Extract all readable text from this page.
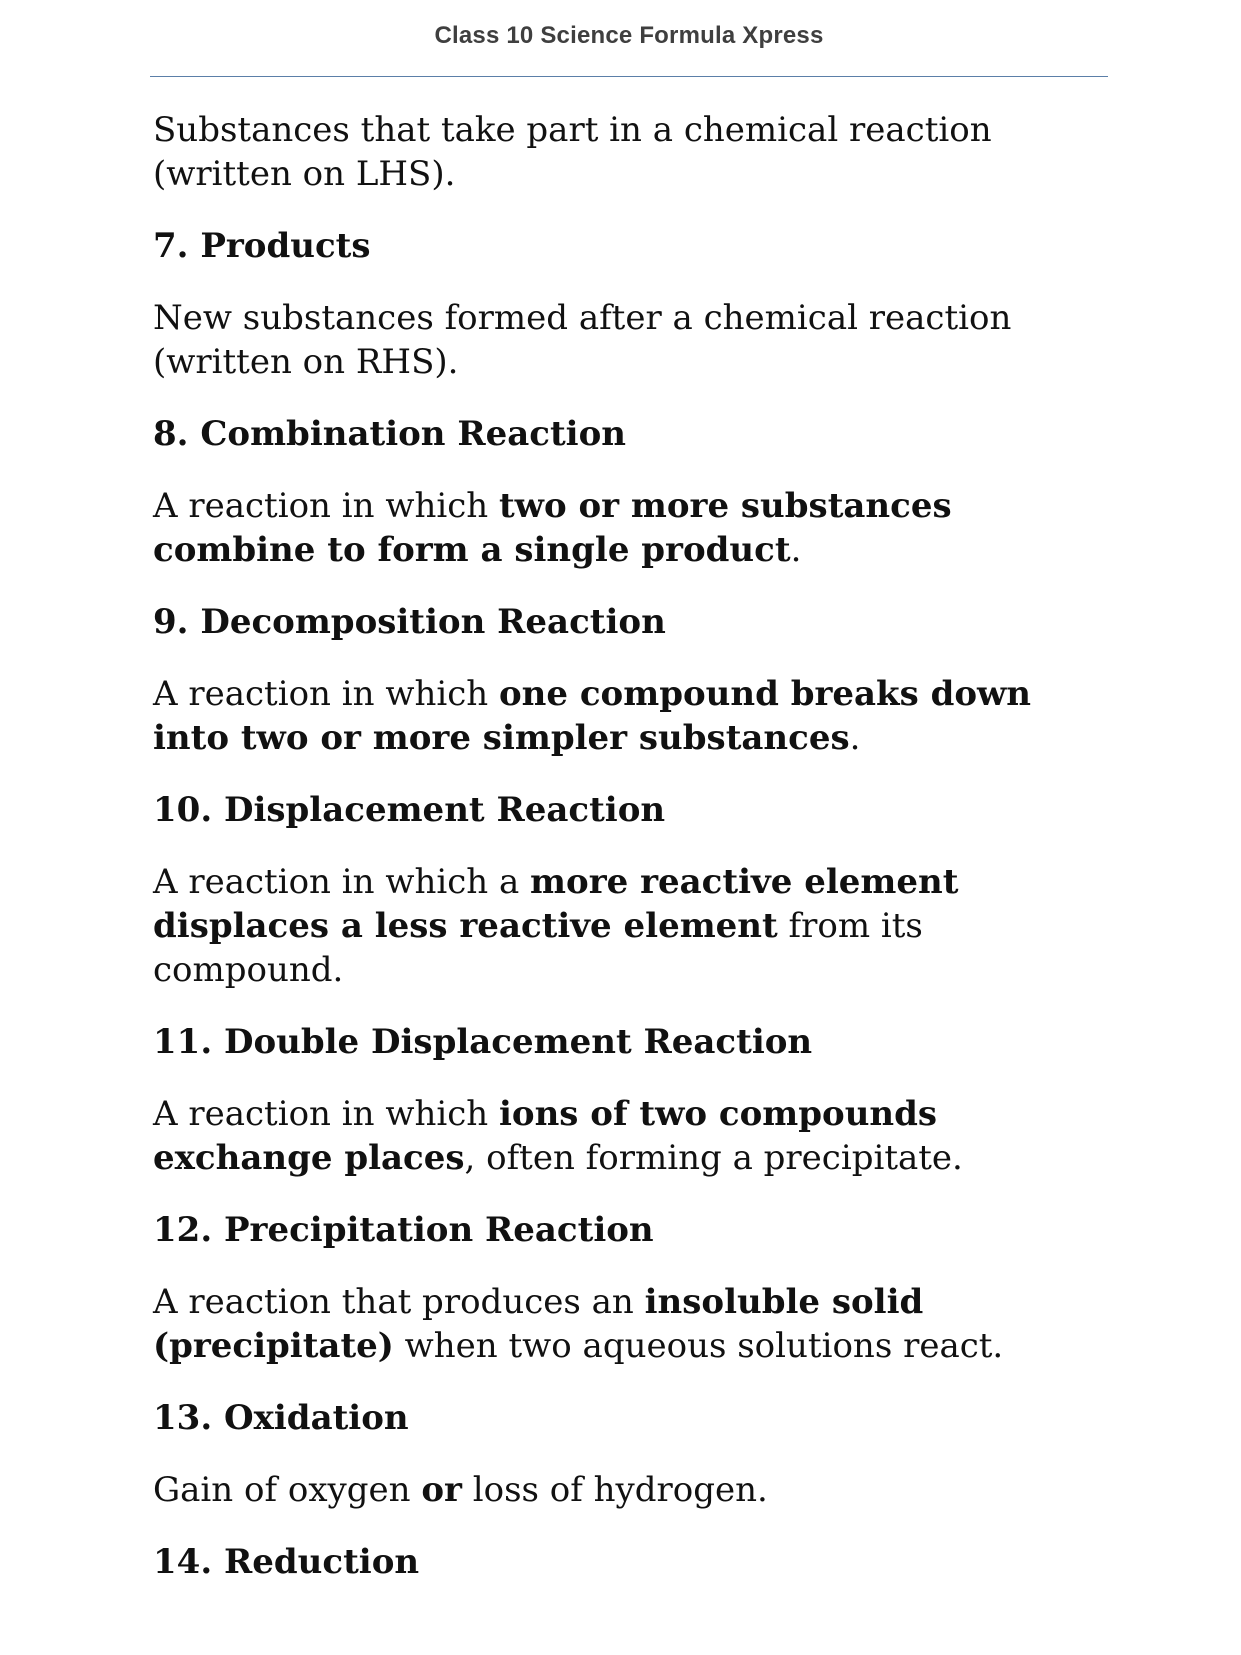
Class 10 Science Formula Xpress

Substances that take part in a chemical reaction (written on LHS).

7. Products

New substances formed after a chemical reaction (written on RHS).

8. Combination Reaction

A reaction in which two or more substances combine to form a single product.

9. Decomposition Reaction

A reaction in which one compound breaks down into two or more simpler substances.

10. Displacement Reaction

A reaction in which a more reactive element displaces a less reactive element from its compound.

11. Double Displacement Reaction

A reaction in which ions of two compounds exchange places, often forming a precipitate.

12. Precipitation Reaction

A reaction that produces an insoluble solid (precipitate) when two aqueous solutions react.

13. Oxidation

Gain of oxygen or loss of hydrogen.

14. Reduction
